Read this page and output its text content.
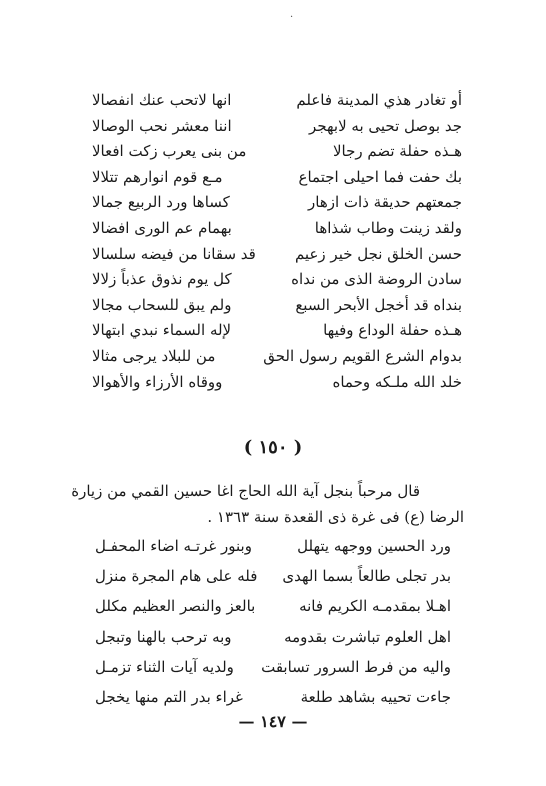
·
أو تغادر هذي المدينة فاعلم
انها لاتحب عنك انفصالا
جد بوصل تحيى به لابهجر
اننا معشر نحب الوصالا
هـذه حفلة تضم رجالا
من بنى يعرب زكت افعالا
بك حفت فما احيلى اجتماع
مـع قوم انوارهم تتلالا
جمعتهم حديقة ذات ازهار
كساها ورد الربيع جمالا
ولقد زينت وطاب شذاها
بهمام عم الورى افضالا
حسن الخلق نجل خير زعيم
قد سقانا من فيضه سلسالا
سادن الروضة الذى من نداه
كل يوم نذوق عذباً زلالا
بنداه قد أخجل الأبحر السبع
ولم يبق للسحاب مجالا
هـذه حفلة الوداع وفيها
لإله السماء نبدي ابتهالا
بدوام الشرع القويم رسول الحق
من للبلاد يرجى مثالا
خلد الله ملـكه وحماه
ووقاه الأرزاء والأهوالا
( ١٥٠ )
قال مرحباً بنجل آية الله الحاج اغا حسين القمي من زيارة
الرضا (ع) فى غرة ذى القعدة سنة ١٣٦٣ .
ورد الحسين ووجهه يتهلل
وبنور غرتـه اضاء المحفـل
بدر تجلى طالعاً بسما الهدى
فله على هام المجرة منزل
اهـلا بمقدمـه الكريم فانه
بالعز والنصر العظيم مكلل
اهل العلوم تباشرت بقدومه
وبه ترحب بالهنا وتبجل
واليه من فرط السرور تسابقت
ولديه آيات الثناء تزمـل
جاءت تحييه بشاهد طلعة
غراء بدر التم منها يخجل
— ١٤٧ —
